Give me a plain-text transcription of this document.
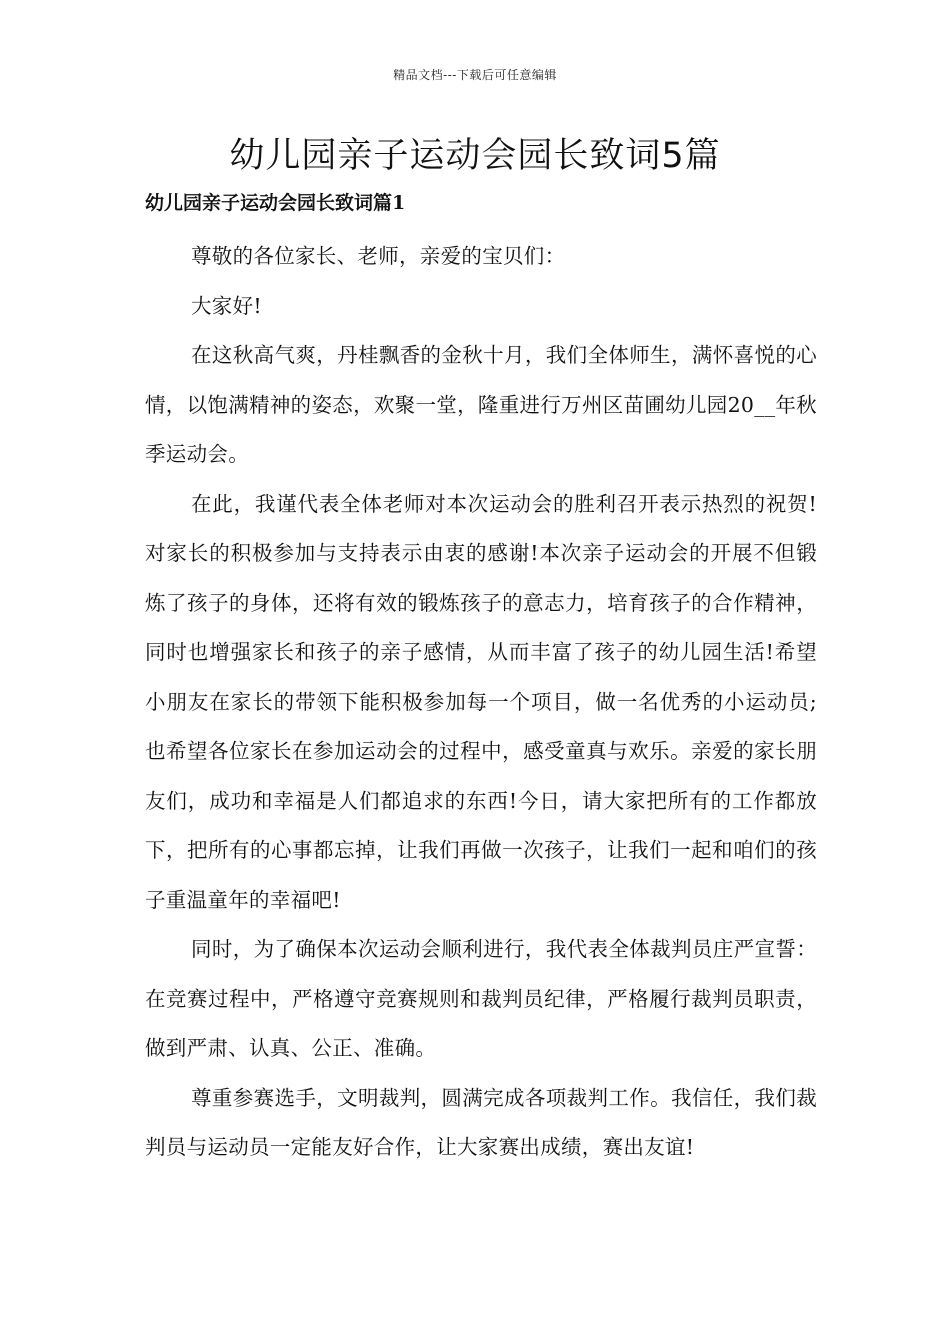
精品文档---下载后可任意编辑
幼儿园亲子运动会园长致词5篇
幼儿园亲子运动会园长致词篇1

尊敬的各位家长、老师，亲爱的宝贝们：

大家好!

在这秋高气爽，丹桂飘香的金秋十月，我们全体师生，满怀喜悦的心情，以饱满精神的姿态，欢聚一堂，隆重进行万州区苗圃幼儿园20__年秋季运动会。

在此，我谨代表全体老师对本次运动会的胜利召开表示热烈的祝贺!对家长的积极参加与支持表示由衷的感谢!本次亲子运动会的开展不但锻炼了孩子的身体，还将有效的锻炼孩子的意志力，培育孩子的合作精神，同时也增强家长和孩子的亲子感情，从而丰富了孩子的幼儿园生活!希望小朋友在家长的带领下能积极参加每一个项目，做一名优秀的小运动员;也希望各位家长在参加运动会的过程中，感受童真与欢乐。亲爱的家长朋友们，成功和幸福是人们都追求的东西!今日，请大家把所有的工作都放下，把所有的心事都忘掉，让我们再做一次孩子，让我们一起和咱们的孩子重温童年的幸福吧!

同时，为了确保本次运动会顺利进行，我代表全体裁判员庄严宣誓：在竞赛过程中，严格遵守竞赛规则和裁判员纪律，严格履行裁判员职责，做到严肃、认真、公正、准确。

尊重参赛选手，文明裁判，圆满完成各项裁判工作。我信任，我们裁判员与运动员一定能友好合作，让大家赛出成绩，赛出友谊!
